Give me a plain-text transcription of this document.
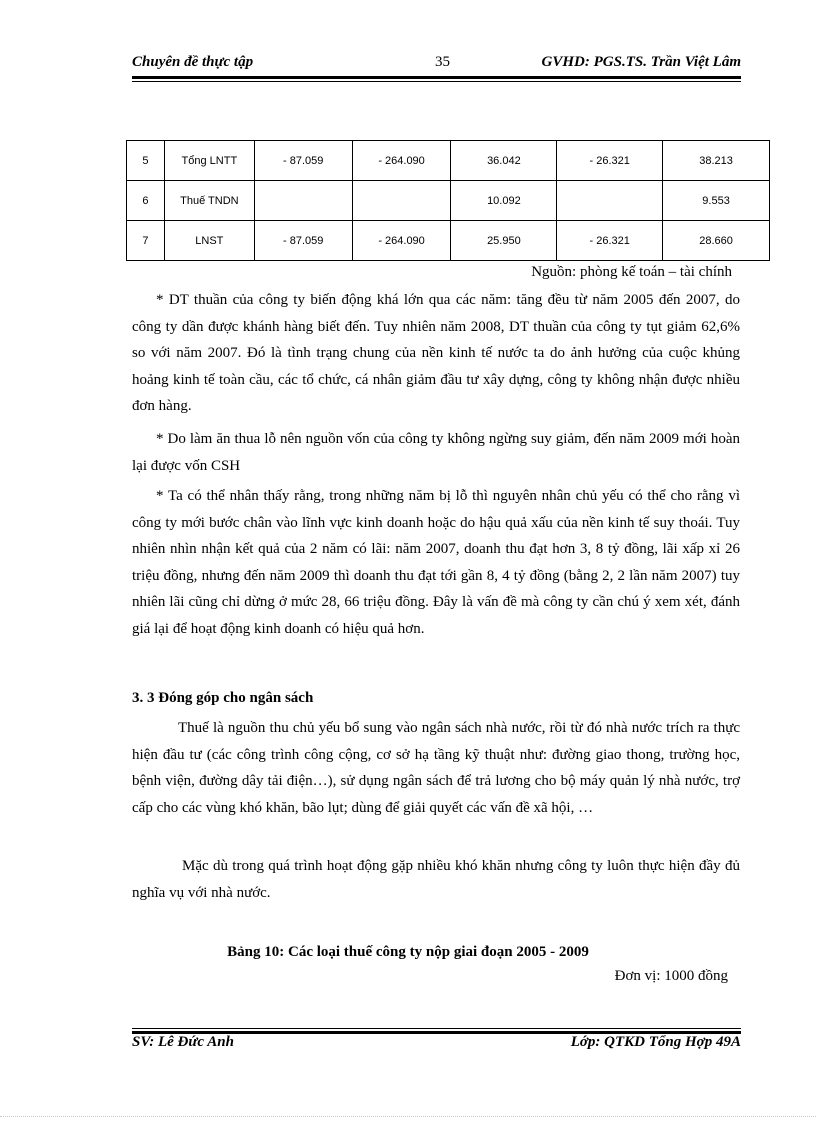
Chuyên đề thực tập	35	GVHD: PGS.TS. Trần Việt Lâm
5	Tổng LNTT	- 87.059	- 264.090	36.042	- 26.321	38.213
6	Thuế TNDN			10.092		9.553
7	LNST	- 87.059	- 264.090	25.950	- 26.321	28.660
Nguồn: phòng kế toán – tài chính

* DT thuần của công ty biến động khá lớn qua các năm: tăng đều từ năm 2005 đến 2007, do công ty dần được khánh hàng biết đến. Tuy nhiên năm 2008, DT thuần của công ty tụt giảm 62,6% so với năm 2007. Đó là tình trạng chung của nền kinh tế nước ta do ảnh hưởng của cuộc khủng hoảng kinh tế toàn cầu, các tổ chức, cá nhân giảm đầu tư xây dựng, công ty không nhận được nhiều đơn hàng.

* Do làm ăn thua lỗ nên nguồn vốn của công ty không ngừng suy giảm, đến năm 2009 mới hoàn lại được vốn CSH

* Ta có thể nhân thấy rằng, trong những năm bị lỗ thì nguyên nhân chủ yếu có thể cho rằng vì công ty mới bước chân vào lĩnh vực kinh doanh hoặc do hậu quả xấu của nền kinh tế suy thoái. Tuy nhiên nhìn nhận kết quả của 2 năm có lãi: năm 2007, doanh thu đạt hơn 3, 8 tỷ đồng, lãi xấp xỉ 26 triệu đồng, nhưng đến năm 2009 thì doanh thu đạt tới gần 8, 4 tỷ đồng (bằng 2, 2 lần năm 2007) tuy nhiên lãi cũng chỉ dừng ở mức 28, 66 triệu đồng. Đây là vấn đề mà công ty cần chú ý xem xét, đánh giá lại để hoạt động kinh doanh có hiệu quả hơn.

3. 3 Đóng góp cho ngân sách

Thuế là nguồn thu chủ yếu bổ sung vào ngân sách nhà nước, rồi từ đó nhà nước trích ra thực hiện đầu tư (các công trình công cộng, cơ sở hạ tầng kỹ thuật như: đường giao thong, trường học, bệnh viện, đường dây tải điện…), sử dụng ngân sách để trả lương cho bộ máy quản lý nhà nước, trợ cấp cho các vùng khó khăn, bão lụt; dùng để giải quyết các vấn đề xã hội, …

Mặc dù trong quá trình hoạt động gặp nhiều khó khăn nhưng công ty luôn thực hiện đầy đủ nghĩa vụ với nhà nước.

Bảng 10: Các loại thuế công ty nộp giai đoạn 2005 - 2009
Đơn vị: 1000 đồng
SV: Lê Đức Anh	Lớp: QTKD Tổng Hợp 49A
